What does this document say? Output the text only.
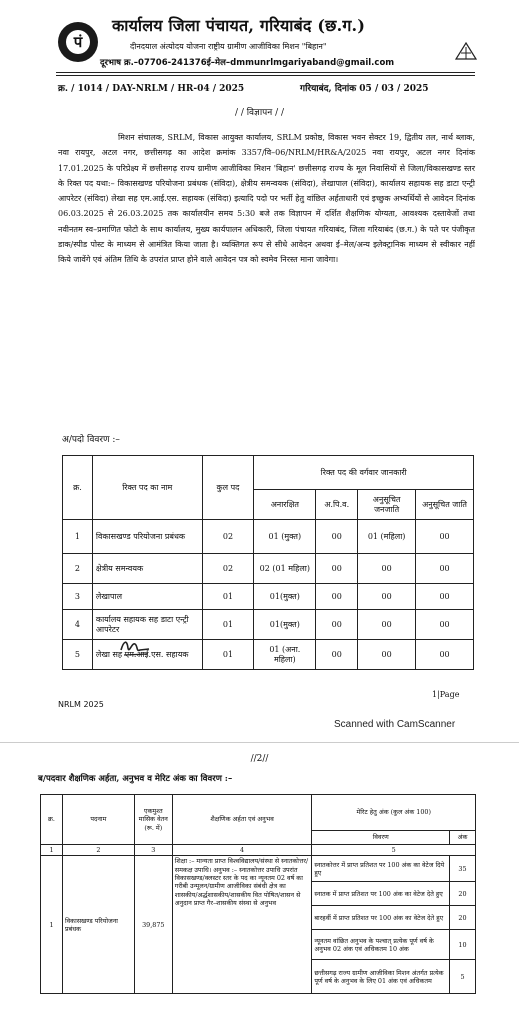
पं
कार्यालय जिला पंचायत, गरियाबंद (छ.ग.)
दीनदयाल अंत्योदय योजना राष्ट्रीय ग्रामीण आजीविका मिशन "बिहान"
दूरभाष क्र.–07706-241376ई–मेल–dmmunrlmgariyaband@gmail.com
क्र. / 1014 / DAY-NRLM / HR-04 / 2025	गरियाबंद, दिनांक 05 / 03 / 2025
/ / विज्ञापन / /
मिशन संचालक, SRLM, विकास आयुक्त कार्यालय, SRLM प्रकोष्ठ, विकास भवन सेक्टर 19, द्वितीय तल, नार्थ ब्लाक, नवा रायपुर, अटल नगर, छत्तीसगढ़ का आदेश क्रमांक 3357/वि–06/NRLM/HR&A/2025 नवा रायपुर, अटल नगर दिनांक 17.01.2025 के परिप्रेक्ष्य में छत्तीसगढ़ राज्य ग्रामीण आजीविका मिशन 'बिहान' छत्तीसगढ़ राज्य के मूल निवासियों से जिला/विकासखण्ड स्तर के रिक्त पद यथा:– विकासखण्ड परियोजना प्रबंधक (संविदा), क्षेत्रीय समन्वयक (संविदा), लेखापाल (संविदा), कार्यालय सहायक सह डाटा एन्ट्री आपरेटर (संविदा) लेखा सह एम.आई.एस. सहायक (संविदा) इत्यादि पदो पर भर्ती हेतु वांछित अर्हताधारी एवं इच्छुक अभ्यर्थियों से आवेदन दिनांक 06.03.2025 से 26.03.2025 तक कार्यालयीन समय 5:30 बजे तक विज्ञापन में दर्शित शैक्षणिक योग्यता, आवश्यक दस्तावेजों तथा नवीनतम स्व–प्रमाणित फोटो के साथ कार्यालय, मुख्य कार्यपालन अधिकारी, जिला पंचायत गरियाबंद, जिला गरियाबंद (छ.ग.) के पते पर पंजीकृत डाक/स्पीड पोस्ट के माध्यम से आमंत्रित किया जाता है। व्यक्तिगत रूप से सीधे आवेदन अथवा ई–मेल/अन्य इलेक्ट्रानिक माध्यम से स्वीकार नहीं किये जावेंगे एवं अंतिम तिथि के उपरांत प्राप्त होने वाले आवेदन पत्र को स्वमेव निरस्त माना जावेगा।
अ/पदो विवरण :–
क्र.	रिक्त पद का नाम	कुल पद	रिक्त पद की वर्गवार जानकारी			
			अनारक्षित	अ.पि.व.	अनुसूचित जनजाति	अनुसूचित जाति
1	विकासखण्ड परियोजना प्रबंधक	02	01 (मुक्त)	00	01 (महिला)	00
2	क्षेत्रीय समन्वयक	02	02 (01 महिला)	00	00	00
3	लेखापाल	01	01(मुक्त)	00	00	00
4	कार्यालय सहायक सह डाटा एन्ट्री आपरेटर	01	01(मुक्त)	00	00	00
5	लेखा सह एम.आई.एस. सहायक	01	01 (अना. महिला)	00	00	00
NRLM 2025
1|Page
Scanned with CamScanner
//2//
ब/पदवार शैक्षणिक अर्हता, अनुभव व मेरिट अंक का विवरण :–
क्र.	पदनाम	एकमुश्त मासिक वेतन (रू. में)	शैक्षणिक अर्हता एवं अनुभव	मेरिट हेतु अंक (कुल अंक 100)	
				विवरण	अंक
1	2	3	4	5	
1	विकासखण्ड परियोजना प्रबंधक	39,875	शिक्षा :– मान्यता प्राप्त विश्वविद्यालय/संस्था से स्नातकोत्तर/समकक्ष उपाधि। अनुभव :– स्नातकोत्तर उपाधि उपरांत विकासखण्ड/क्लस्टर स्तर के पद का न्यूनतम 02 वर्ष का गरीबी उन्मूलन/ग्रामीण आजीविका संबंधी क्षेत्र का शासकीय/अर्द्धशासकीय/शासकीय वित पोषित/शासन से अनुदान प्राप्त गैर–शासकीय संस्था से अनुभव	स्नातकोत्तर में प्राप्त प्रतिशत पर 100 अंक का वेटेज दिये हुए	35
				स्नातक में प्राप्त प्रतिशत पर 100 अंक का वेटेज देते हुए	20
				बारहवीं में प्राप्त प्रतिशत पर 100 अंक का वेटेज देते हुए	20
				न्यूनतम वांछित अनुभव के पश्चात् प्रत्येक पूर्ण वर्ष के अनुभव 02 अंक एवं अधिकतम 10 अंक	10
				छत्तीसगढ़ राज्य ग्रामीण आजीविका मिशन अंतर्गत प्रत्येक पूर्ण वर्ष के अनुभव के लिए 01 अंक एवं अधिकतम	5
